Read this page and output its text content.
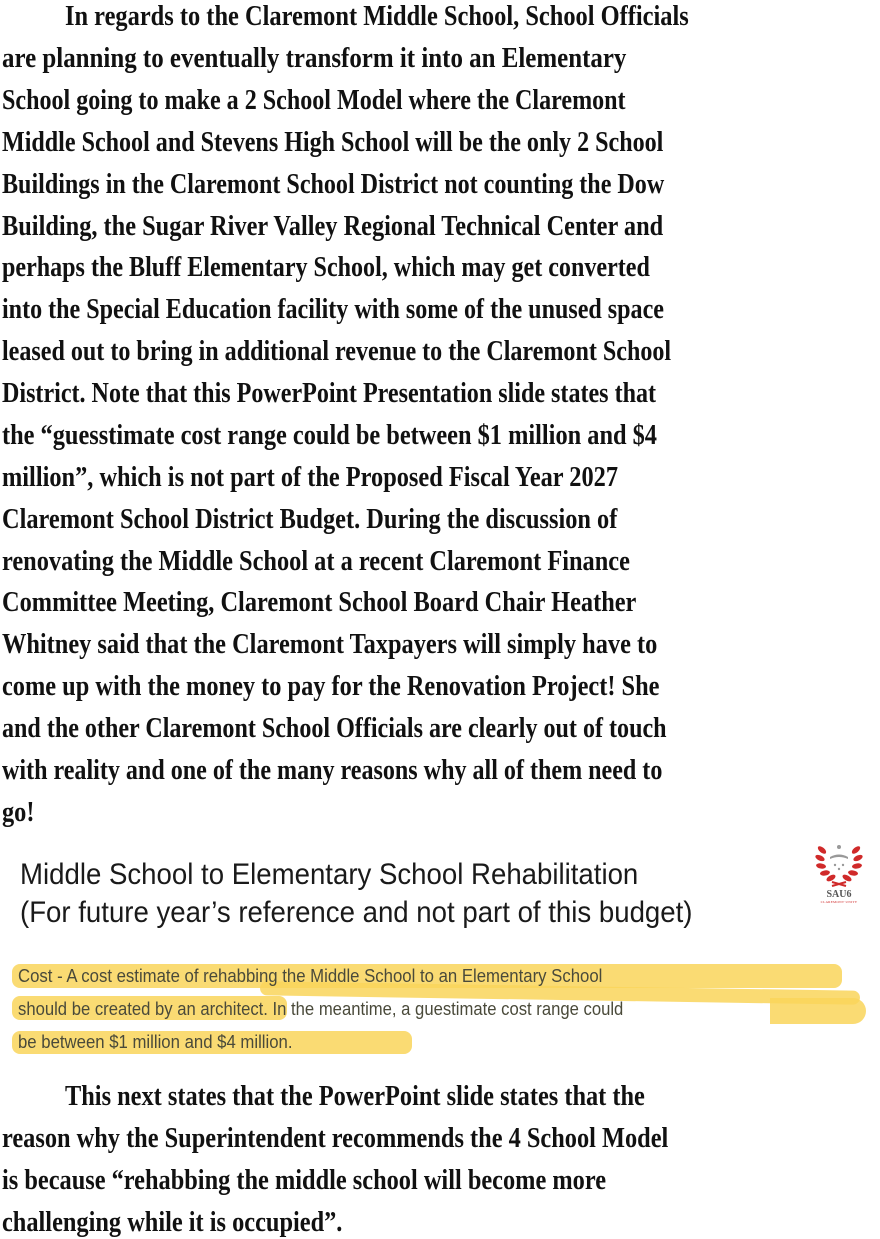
In regards to the Claremont Middle School, School Officials
are planning to eventually transform it into an Elementary
School going to make a 2 School Model where the Claremont
Middle School and Stevens High School will be the only 2 School
Buildings in the Claremont School District not counting the Dow
Building, the Sugar River Valley Regional Technical Center and
perhaps the Bluff Elementary School, which may get converted
into the Special Education facility with some of the unused space
leased out to bring in additional revenue to the Claremont School
District. Note that this PowerPoint Presentation slide states that
the “guesstimate cost range could be between $1 million and $4
million”, which is not part of the Proposed Fiscal Year 2027
Claremont School District Budget. During the discussion of
renovating the Middle School at a recent Claremont Finance
Committee Meeting, Claremont School Board Chair Heather
Whitney said that the Claremont Taxpayers will simply have to
come up with the money to pay for the Renovation Project! She
and the other Claremont School Officials are clearly out of touch
with reality and one of the many reasons why all of them need to
go!
Middle School to Elementary School Rehabilitation
(For future year’s reference and not part of this budget)
SAU6
CLAREMONT·UNITY
Cost - A cost estimate of rehabbing the Middle School to an Elementary School
should be created by an architect. In the meantime, a guestimate cost range could
be between $1 million and $4 million.
This next states that the PowerPoint slide states that the
reason why the Superintendent recommends the 4 School Model
is because “rehabbing the middle school will become more
challenging while it is occupied”.
